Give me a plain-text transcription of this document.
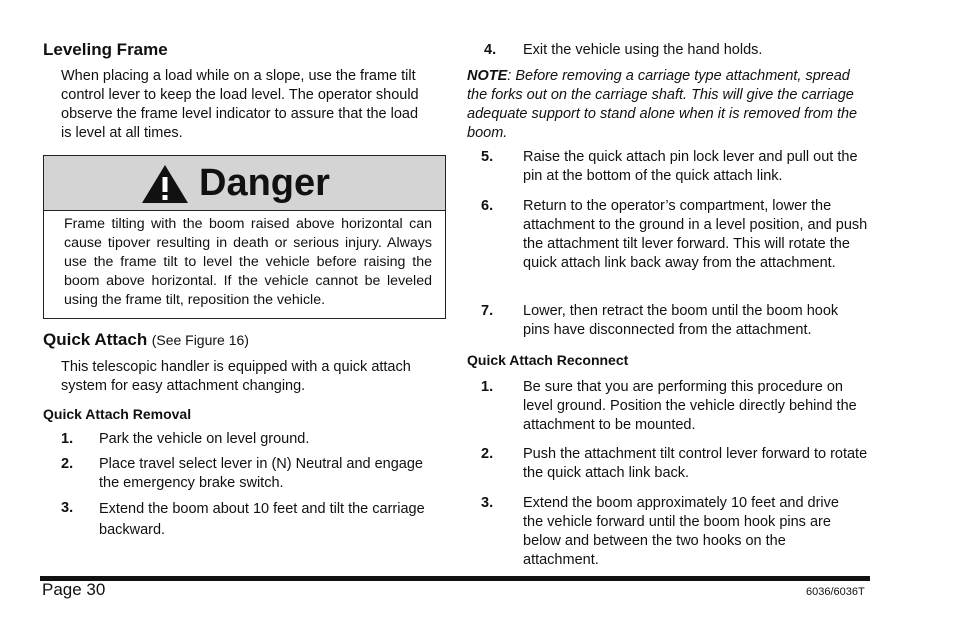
Leveling Frame
When placing a load while on a slope, use the frame tilt control lever to keep the load level. The operator should observe the frame level indicator to assure that the load is level at all times.
Danger
Frame tilting with the boom raised above horizontal can cause tipover resulting in death or serious injury. Always use the frame tilt to level the vehicle before raising the boom above horizontal. If the vehicle cannot be leveled using the frame tilt, reposition the vehicle.
Quick Attach (See Figure 16)
This telescopic handler is equipped with a quick attach system for easy attachment changing.
Quick Attach Removal
1. Park the vehicle on level ground.
2. Place travel select lever in (N) Neutral and engage the emergency brake switch.
3. Extend the boom about 10 feet and tilt the carriage backward.
4. Exit the vehicle using the hand holds.
NOTE: Before removing a carriage type attachment, spread the forks out on the carriage shaft. This will give the carriage adequate support to stand alone when it is removed from the boom.
5. Raise the quick attach pin lock lever and pull out the pin at the bottom of the quick attach link.
6. Return to the operator’s compartment, lower the attachment to the ground in a level position, and push the attachment tilt lever forward. This will rotate the quick attach link back away from the attachment.
7. Lower, then retract the boom until the boom hook pins have disconnected from the attachment.
Quick Attach Reconnect
1. Be sure that you are performing this procedure on level ground. Position the vehicle directly behind the attachment to be mounted.
2. Push the attachment tilt control lever forward to rotate the quick attach link back.
3. Extend the boom approximately 10 feet and drive the vehicle forward until the boom hook pins are below and between the two hooks on the attachment.
Page 30	6036/6036T
